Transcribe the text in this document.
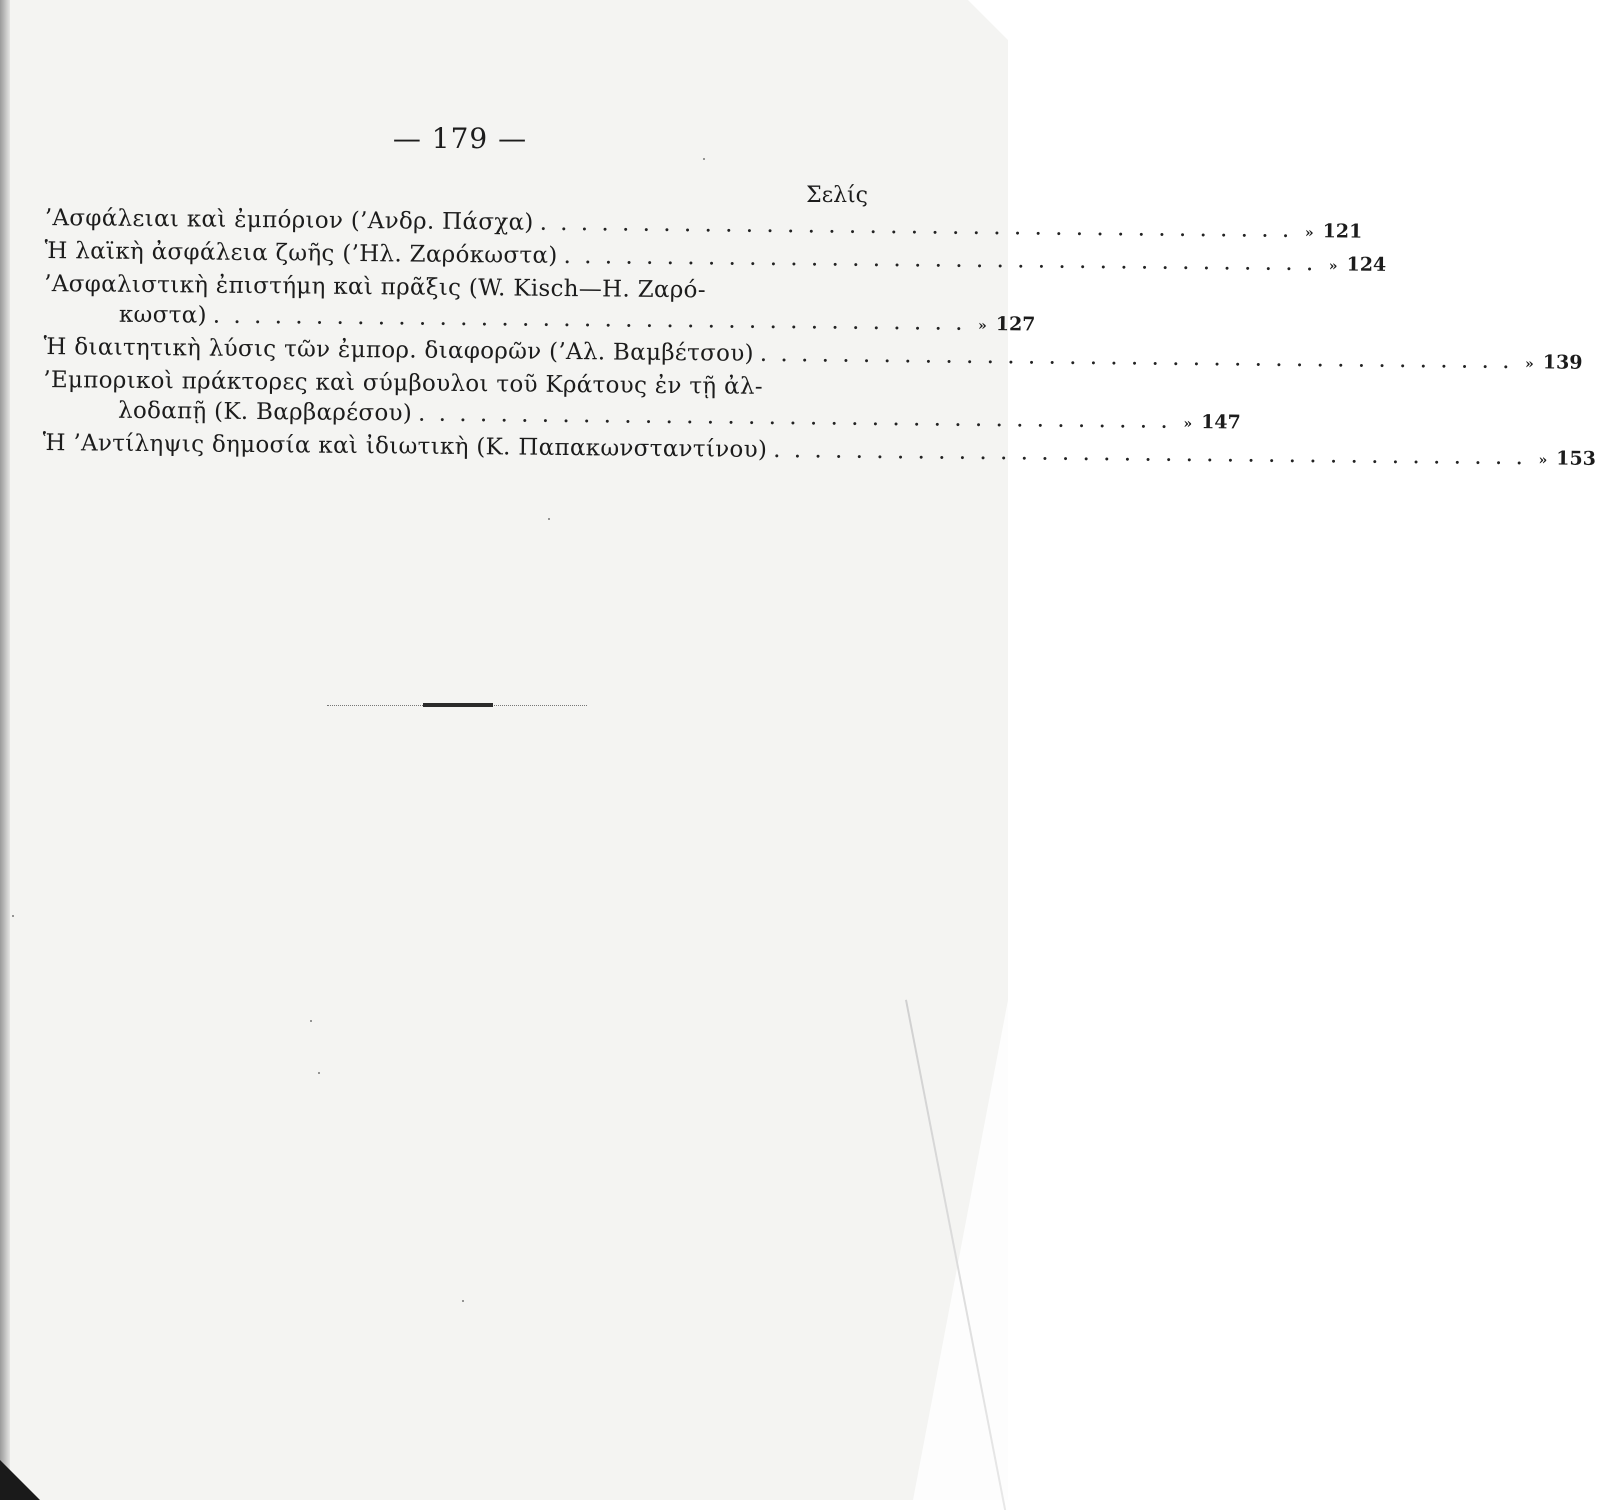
— 179 —
Σελίς
’Ασφάλειαι καὶ ἐμπόριον (’Ανδρ. Πάσχα) . . .	» 121
Ἡ λαϊκὴ ἀσφάλεια ζωῆς (’Ηλ. Ζαρόκωστα) . . .	» 124
’Ασφαλιστικὴ ἐπιστήμη καὶ πρᾶξις (W. Kisch—Η. Ζαρό-
κωστα) . . .	» 127
Ἡ διαιτητικὴ λύσις τῶν ἐμπορ. διαφορῶν (’Αλ. Βαμβέτσου) . . .	» 139
’Εμπορικοὶ πράκτορες καὶ σύμβουλοι τοῦ Κράτους ἐν τῇ ἀλ-
λοδαπῇ (Κ. Βαρβαρέσου) . . .	» 147
Ἡ ’Αντίληψις δημοσία καὶ ἰδιωτικὴ (Κ. Παπακωνσταντίνου) . . .	» 153
